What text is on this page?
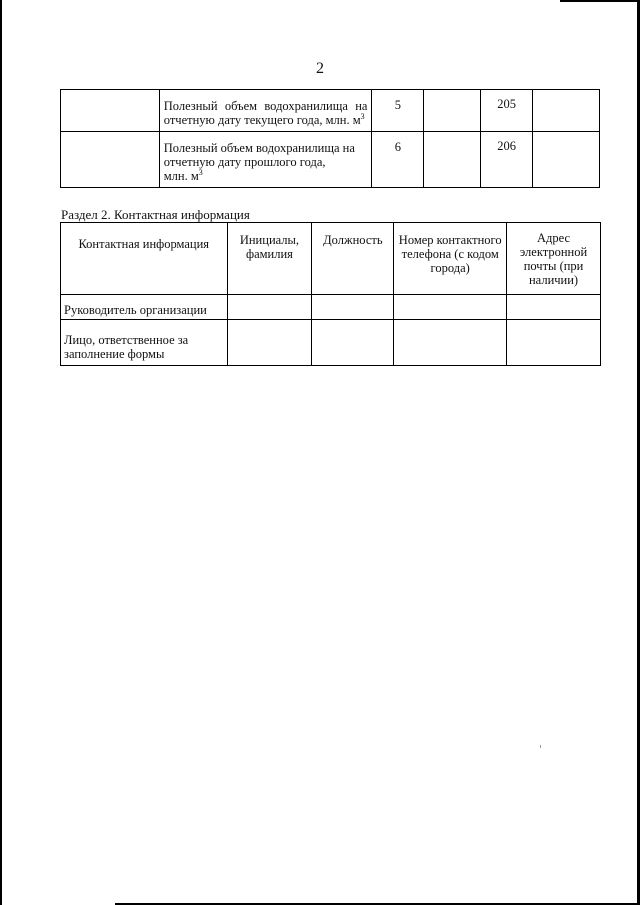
2

	Полезный объем водохранилища на
отчетную дату текущего года, млн. $м^3$	5		205	

	Полезный объем водохранилища на
отчетную дату прошлого года,
млн. $м^3$	6		206	
Раздел 2. Контактная информация
Контактная информация	Инициалы,
фамилия	Должность	Номер контактного
телефона (с кодом
города)	Адрес
электронной
почты (при
наличии)

Руководитель организации				

Лицо, ответственное за
заполнение формы				
